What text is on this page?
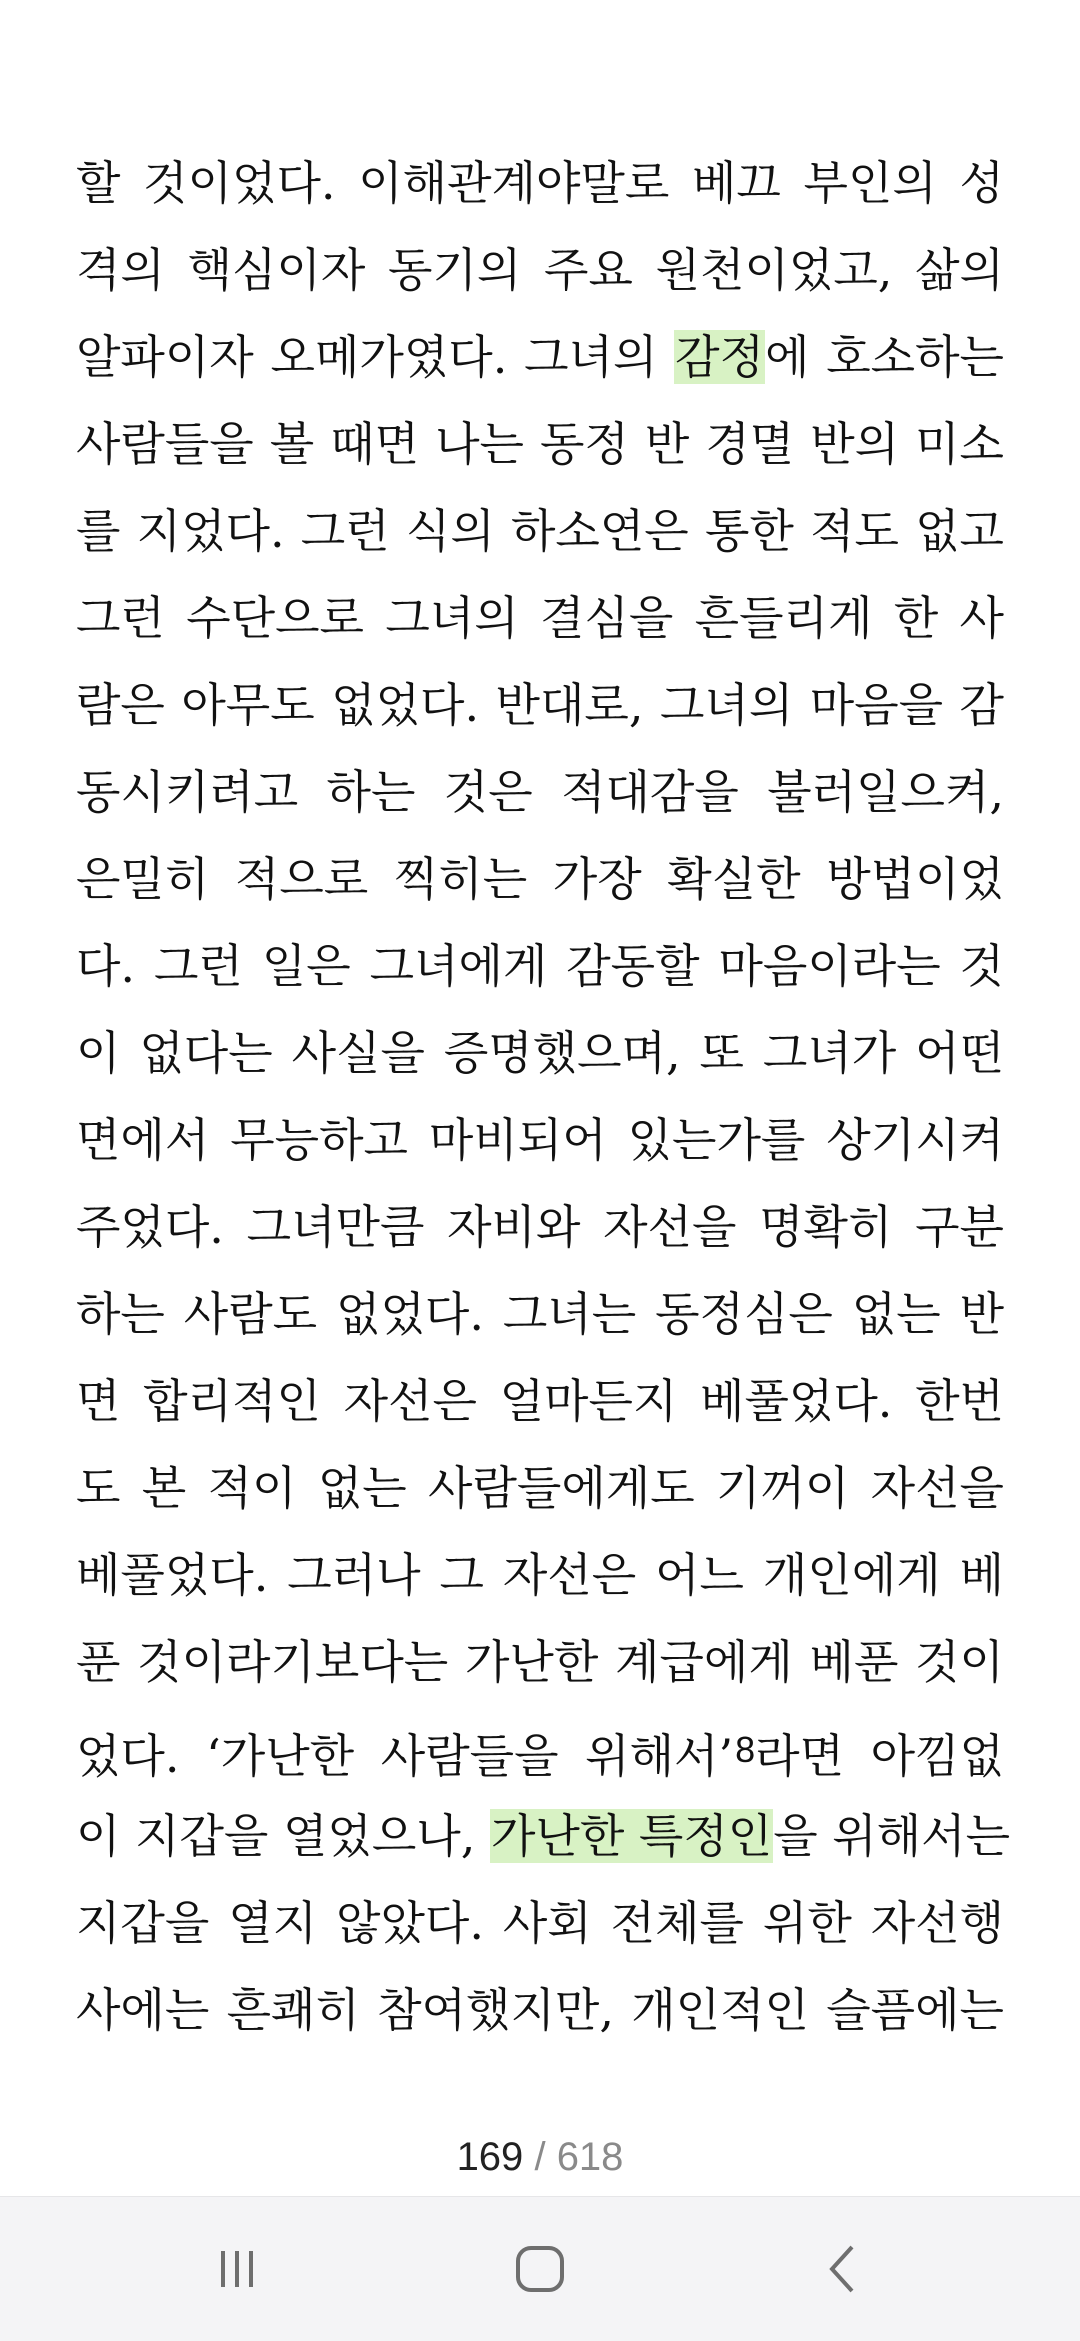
할 것이었다. 이해관계야말로 베끄 부인의 성
격의 핵심이자 동기의 주요 원천이었고, 삶의
알파이자 오메가였다. 그녀의 감정에 호소하는
사람들을 볼 때면 나는 동정 반 경멸 반의 미소
를 지었다. 그런 식의 하소연은 통한 적도 없고
그런 수단으로 그녀의 결심을 흔들리게 한 사
람은 아무도 없었다. 반대로, 그녀의 마음을 감
동시키려고 하는 것은 적대감을 불러일으켜,
은밀히 적으로 찍히는 가장 확실한 방법이었
다. 그런 일은 그녀에게 감동할 마음이라는 것
이 없다는 사실을 증명했으며, 또 그녀가 어떤
면에서 무능하고 마비되어 있는가를 상기시켜
주었다. 그녀만큼 자비와 자선을 명확히 구분
하는 사람도 없었다. 그녀는 동정심은 없는 반
면 합리적인 자선은 얼마든지 베풀었다. 한번
도 본 적이 없는 사람들에게도 기꺼이 자선을
베풀었다. 그러나 그 자선은 어느 개인에게 베
푼 것이라기보다는 가난한 계급에게 베푼 것이
었다. ‘가난한 사람들을 위해서’$^8$라면 아낌없
이 지갑을 열었으나, 가난한 특정인을 위해서는
지갑을 열지 않았다. 사회 전체를 위한 자선행
사에는 흔쾌히 참여했지만, 개인적인 슬픔에는
169 / 618
